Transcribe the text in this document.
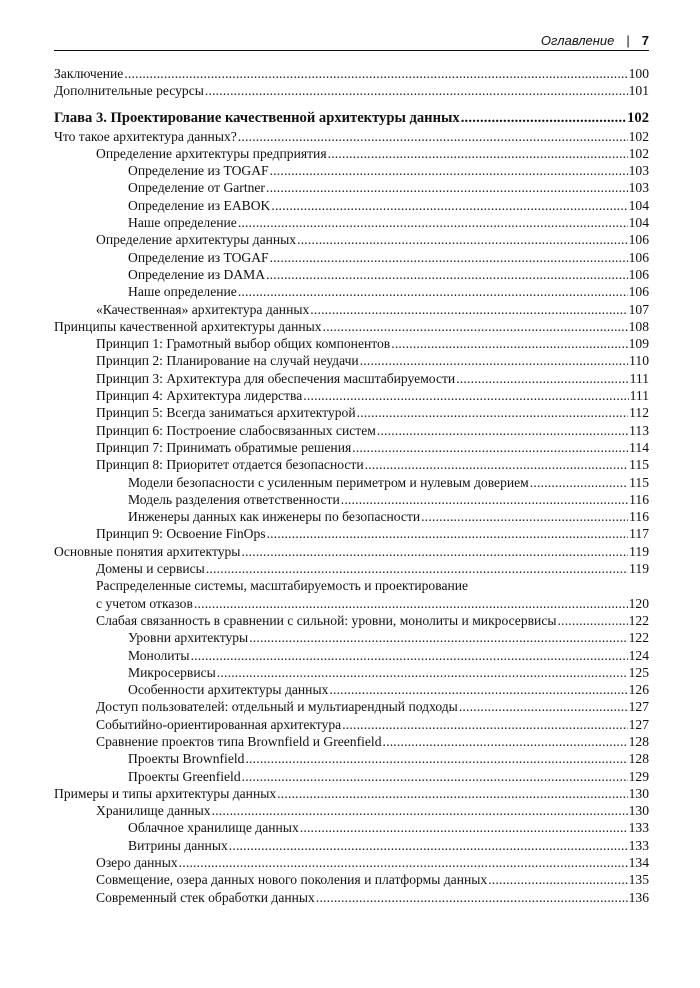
Оглавление | 7
Заключение .....	100
Дополнительные ресурсы .....	101
Глава 3. Проектирование качественной архитектуры данных .....	102
Что такое архитектура данных? .....	102
Определение архитектуры предприятия .....	102
Определение из TOGAF .....	103
Определение от Gartner .....	103
Определение из EABOK .....	104
Наше определение .....	104
Определение архитектуры данных .....	106
Определение из TOGAF .....	106
Определение из DAMA .....	106
Наше определение .....	106
«Качественная» архитектура данных .....	107
Принципы качественной архитектуры данных .....	108
Принцип 1: Грамотный выбор общих компонентов .....	109
Принцип 2: Планирование на случай неудачи .....	110
Принцип 3: Архитектура для обеспечения масштабируемости .....	111
Принцип 4: Архитектура лидерства .....	111
Принцип 5: Всегда заниматься архитектурой .....	112
Принцип 6: Построение слабосвязанных систем .....	113
Принцип 7: Принимать обратимые решения .....	114
Принцип 8: Приоритет отдается безопасности .....	115
Модели безопасности с усиленным периметром и нулевым доверием .....	115
Модель разделения ответственности .....	116
Инженеры данных как инженеры по безопасности .....	116
Принцип 9: Освоение FinOps .....	117
Основные понятия архитектуры .....	119
Домены и сервисы .....	119
Распределенные системы, масштабируемость и проектирование
с учетом отказов .....	120
Слабая связанность в сравнении с сильной: уровни, монолиты и микросервисы .....	122
Уровни архитектуры .....	122
Монолиты .....	124
Микросервисы .....	125
Особенности архитектуры данных .....	126
Доступ пользователей: отдельный и мультиарендный подходы .....	127
Событийно-ориентированная архитектура .....	127
Сравнение проектов типа Brownfield и Greenfield .....	128
Проекты Brownfield .....	128
Проекты Greenfield .....	129
Примеры и типы архитектуры данных .....	130
Хранилище данных .....	130
Облачное хранилище данных .....	133
Витрины данных .....	133
Озеро данных .....	134
Совмещение, озера данных нового поколения и платформы данных .....	135
Современный стек обработки данных .....	136
